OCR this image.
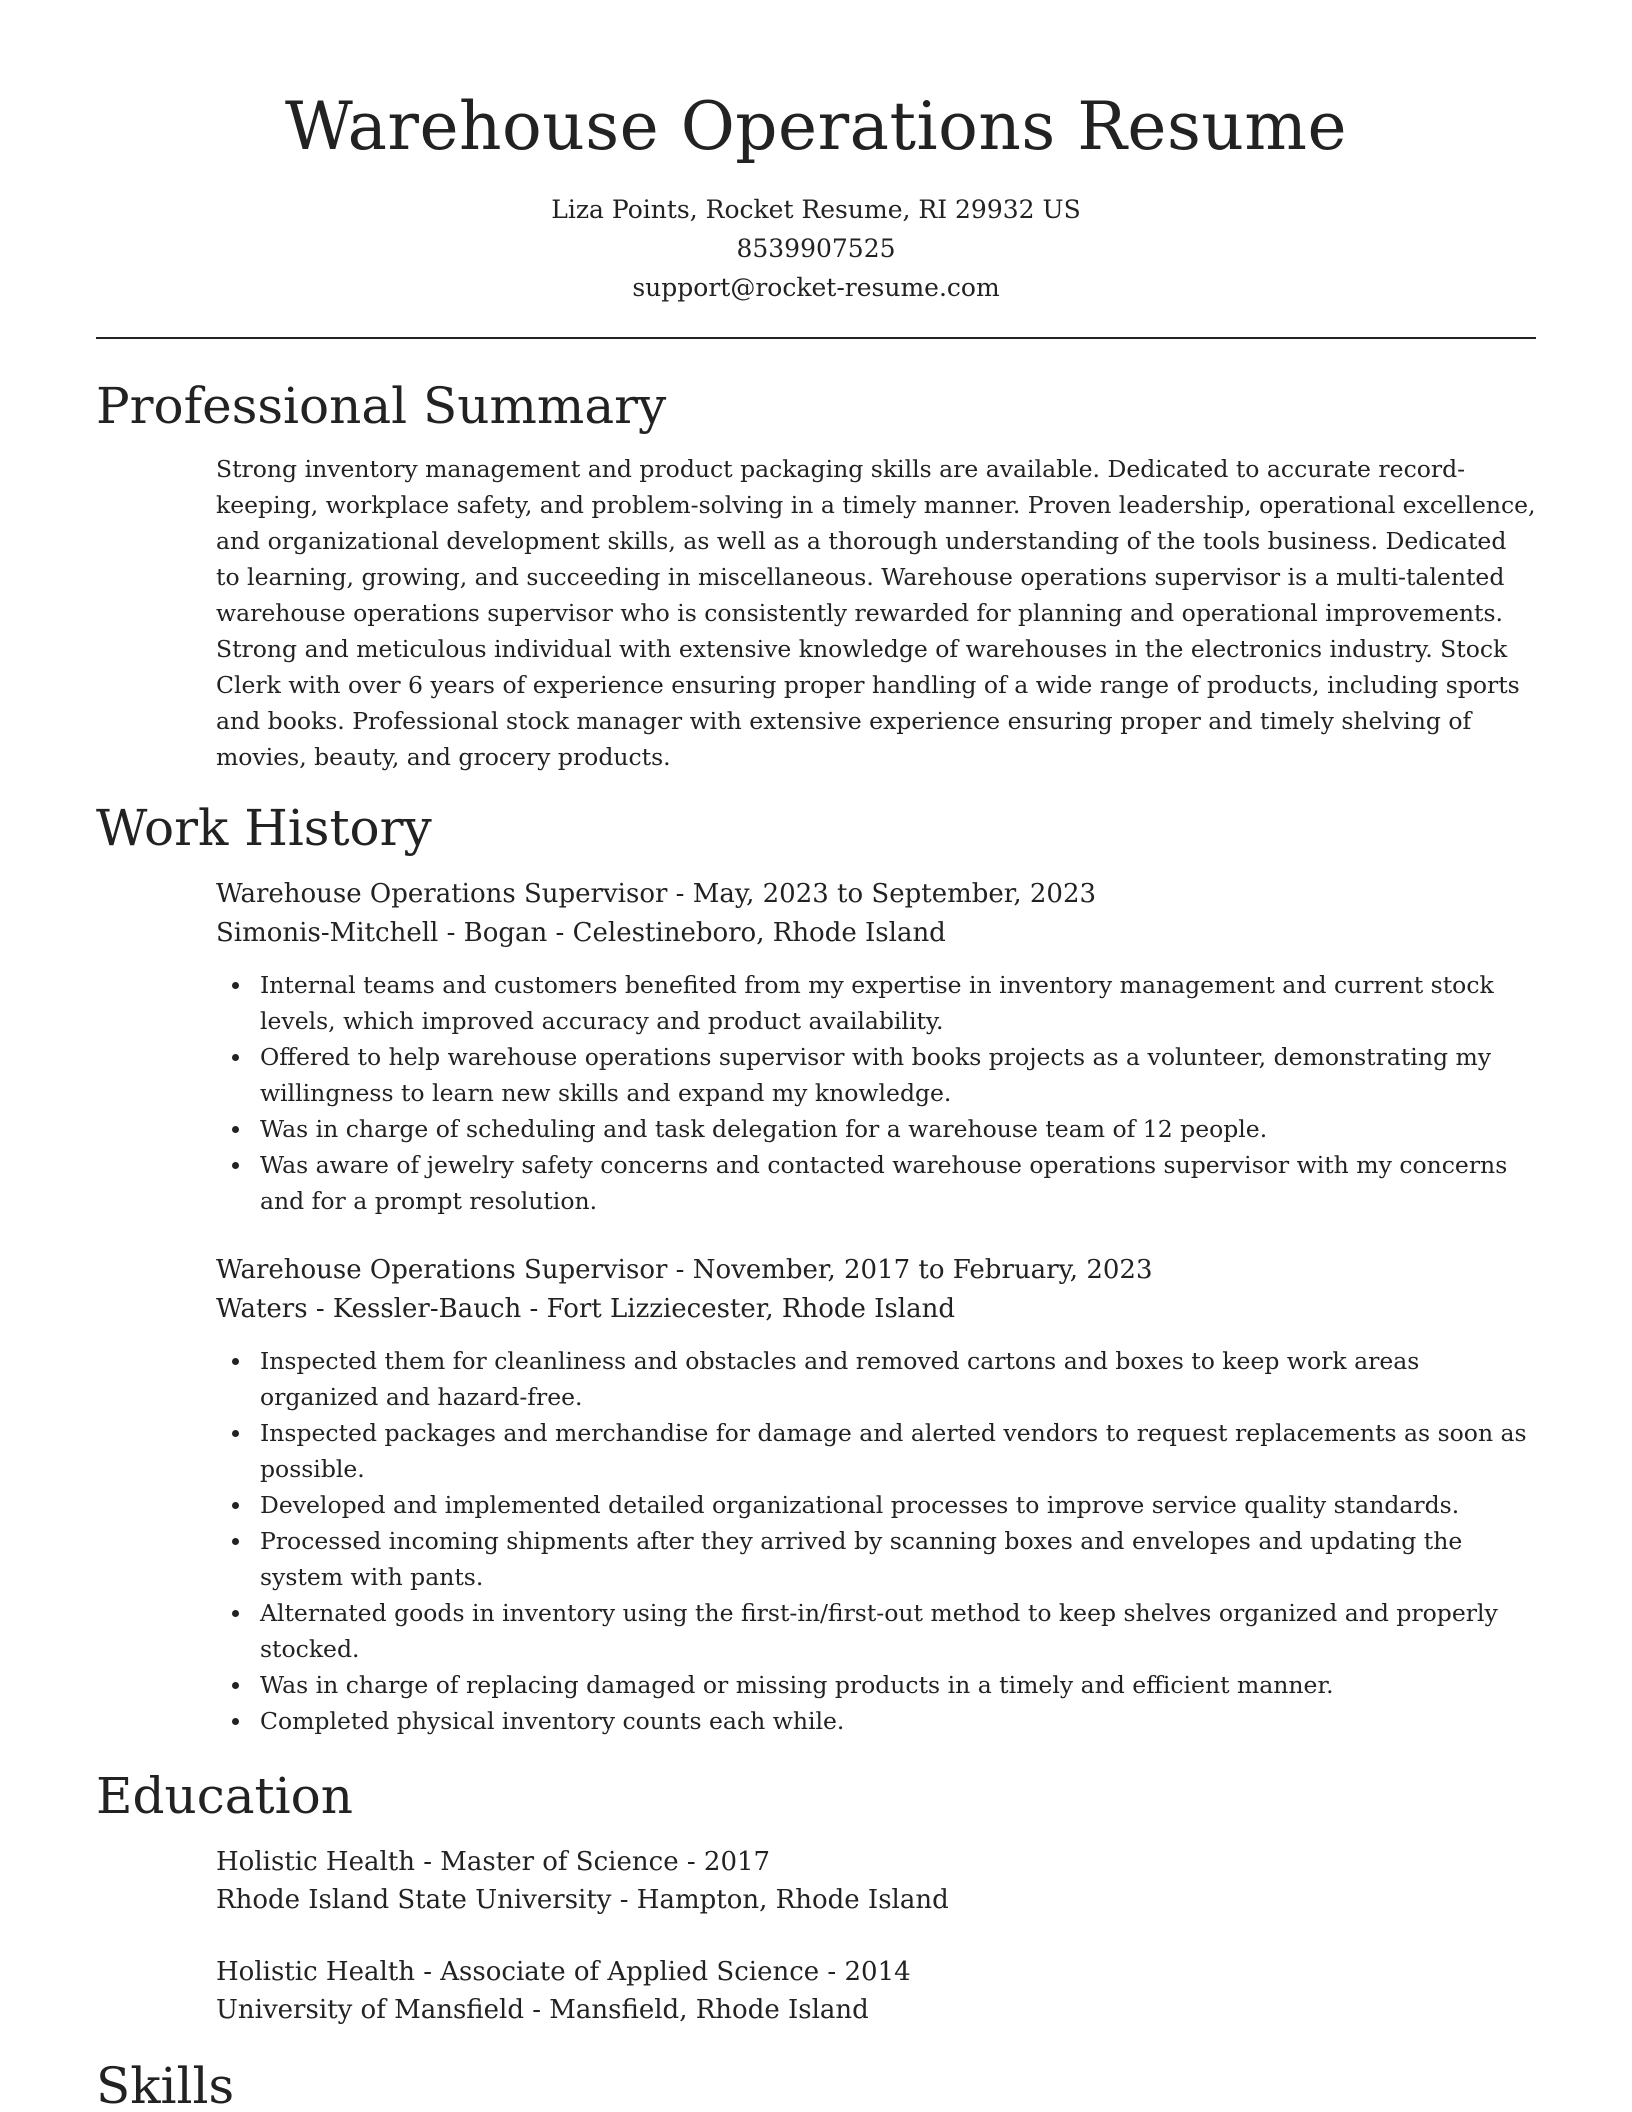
Warehouse Operations Resume
Liza Points, Rocket Resume, RI 29932 US
8539907525
support@rocket-resume.com
Professional Summary

Strong inventory management and product packaging skills are available. Dedicated to accurate record-keeping, workplace safety, and problem-solving in a timely manner. Proven leadership, operational excellence, and organizational development skills, as well as a thorough understanding of the tools business. Dedicated to learning, growing, and succeeding in miscellaneous. Warehouse operations supervisor is a multi-talented warehouse operations supervisor who is consistently rewarded for planning and operational improvements. Strong and meticulous individual with extensive knowledge of warehouses in the electronics industry. Stock Clerk with over 6 years of experience ensuring proper handling of a wide range of products, including sports and books. Professional stock manager with extensive experience ensuring proper and timely shelving of movies, beauty, and grocery products.

Work History
Warehouse Operations Supervisor - May, 2023 to September, 2023
Simonis-Mitchell - Bogan - Celestineboro, Rhode Island
Internal teams and customers benefited from my expertise in inventory management and current stock levels, which improved accuracy and product availability.
Offered to help warehouse operations supervisor with books projects as a volunteer, demonstrating my willingness to learn new skills and expand my knowledge.
Was in charge of scheduling and task delegation for a warehouse team of 12 people.
Was aware of jewelry safety concerns and contacted warehouse operations supervisor with my concerns and for a prompt resolution.
Warehouse Operations Supervisor - November, 2017 to February, 2023
Waters - Kessler-Bauch - Fort Lizziecester, Rhode Island
Inspected them for cleanliness and obstacles and removed cartons and boxes to keep work areas organized and hazard-free.
Inspected packages and merchandise for damage and alerted vendors to request replacements as soon as possible.
Developed and implemented detailed organizational processes to improve service quality standards.
Processed incoming shipments after they arrived by scanning boxes and envelopes and updating the system with pants.
Alternated goods in inventory using the first-in/first-out method to keep shelves organized and properly stocked.
Was in charge of replacing damaged or missing products in a timely and efficient manner.
Completed physical inventory counts each while.
Education
Holistic Health - Master of Science - 2017
Rhode Island State University - Hampton, Rhode Island
Holistic Health - Associate of Applied Science - 2014
University of Mansfield - Mansfield, Rhode Island
Skills
